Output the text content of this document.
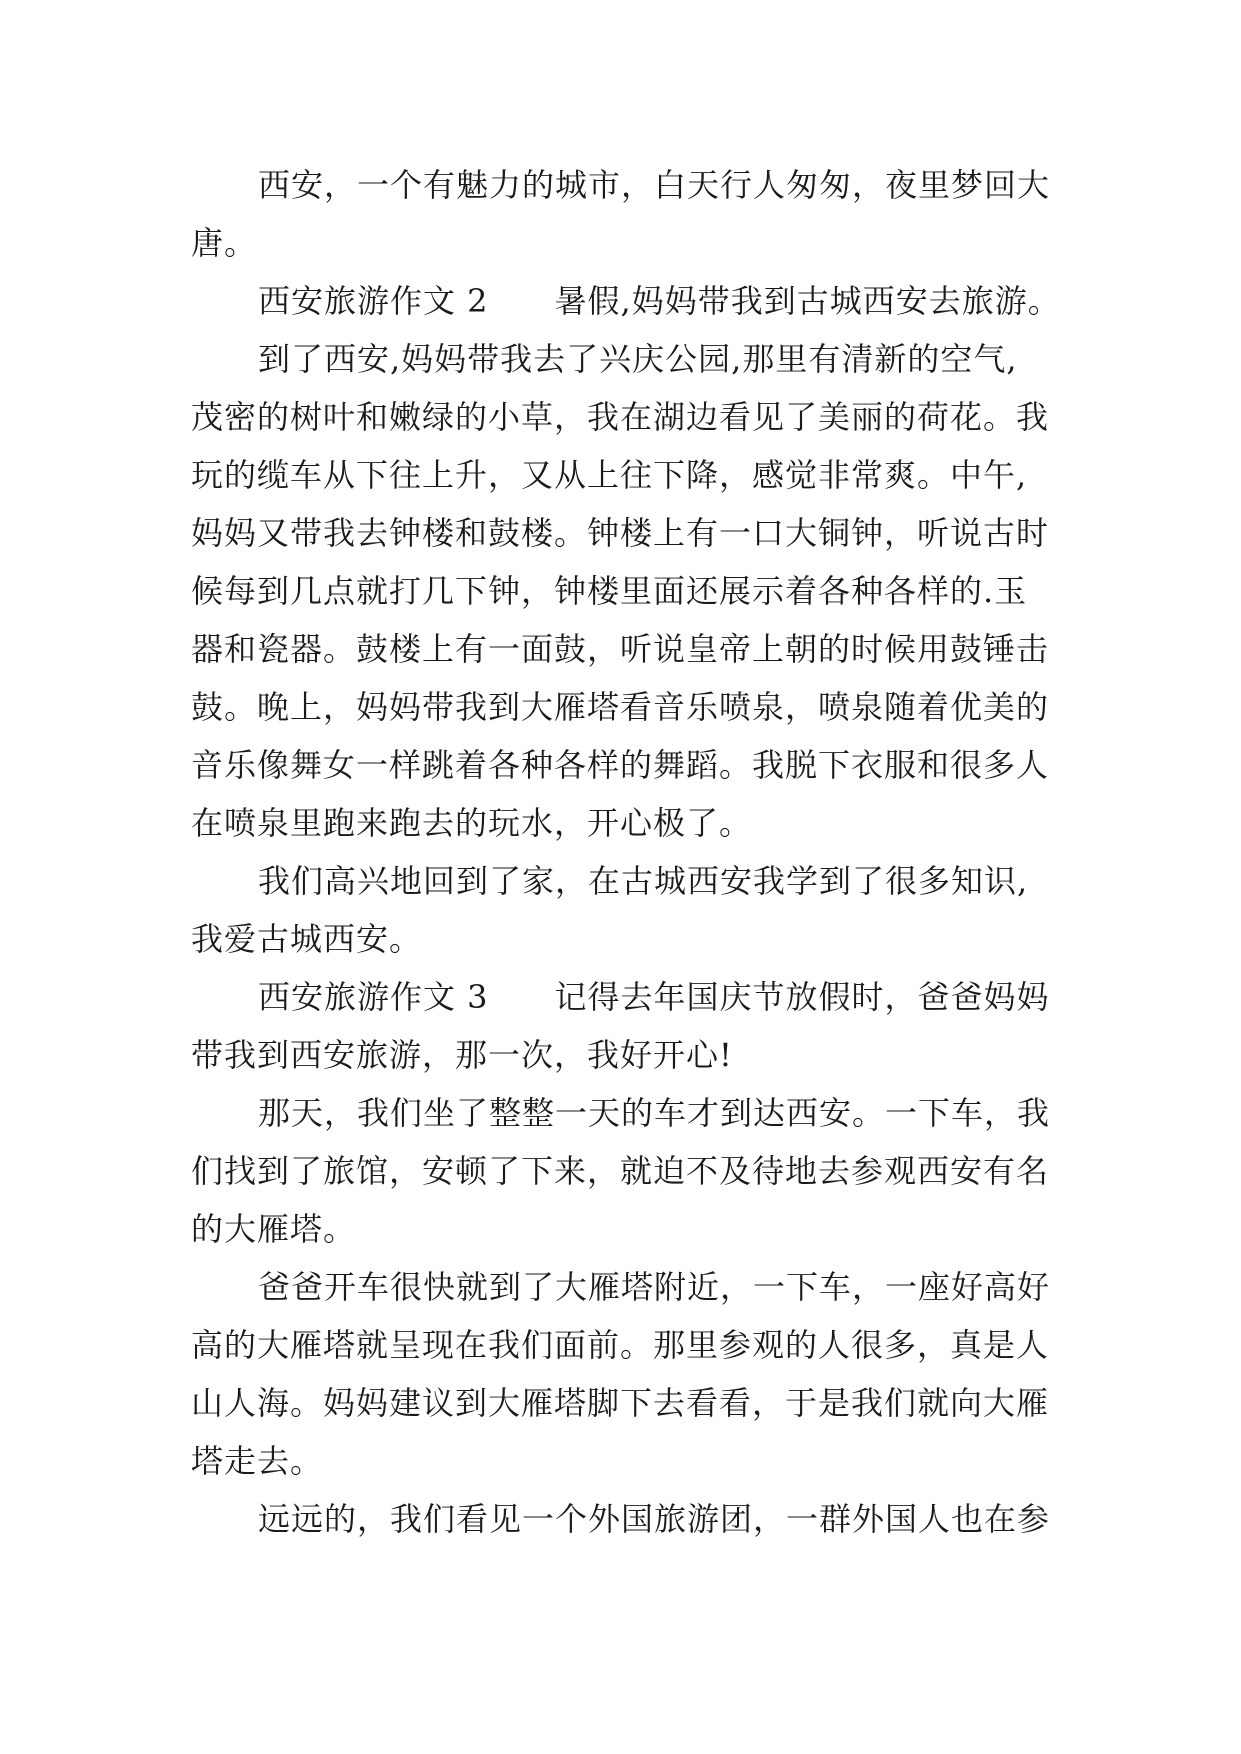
西安，一个有魅力的城市，白天行人匆匆，夜里梦回大
唐。
西安旅游作文 2　　暑假,妈妈带我到古城西安去旅游。
到了西安,妈妈带我去了兴庆公园,那里有清新的空气,
茂密的树叶和嫩绿的小草，我在湖边看见了美丽的荷花。我
玩的缆车从下往上升，又从上往下降，感觉非常爽。中午,
妈妈又带我去钟楼和鼓楼。钟楼上有一口大铜钟，听说古时
候每到几点就打几下钟，钟楼里面还展示着各种各样的.玉
器和瓷器。鼓楼上有一面鼓，听说皇帝上朝的时候用鼓锤击
鼓。晚上，妈妈带我到大雁塔看音乐喷泉，喷泉随着优美的
音乐像舞女一样跳着各种各样的舞蹈。我脱下衣服和很多人
在喷泉里跑来跑去的玩水，开心极了。
我们高兴地回到了家，在古城西安我学到了很多知识,
我爱古城西安。
西安旅游作文 3　　记得去年国庆节放假时，爸爸妈妈
带我到西安旅游，那一次，我好开心!
那天，我们坐了整整一天的车才到达西安。一下车，我
们找到了旅馆，安顿了下来，就迫不及待地去参观西安有名
的大雁塔。
爸爸开车很快就到了大雁塔附近，一下车，一座好高好
高的大雁塔就呈现在我们面前。那里参观的人很多，真是人
山人海。妈妈建议到大雁塔脚下去看看，于是我们就向大雁
塔走去。
远远的，我们看见一个外国旅游团，一群外国人也在参
